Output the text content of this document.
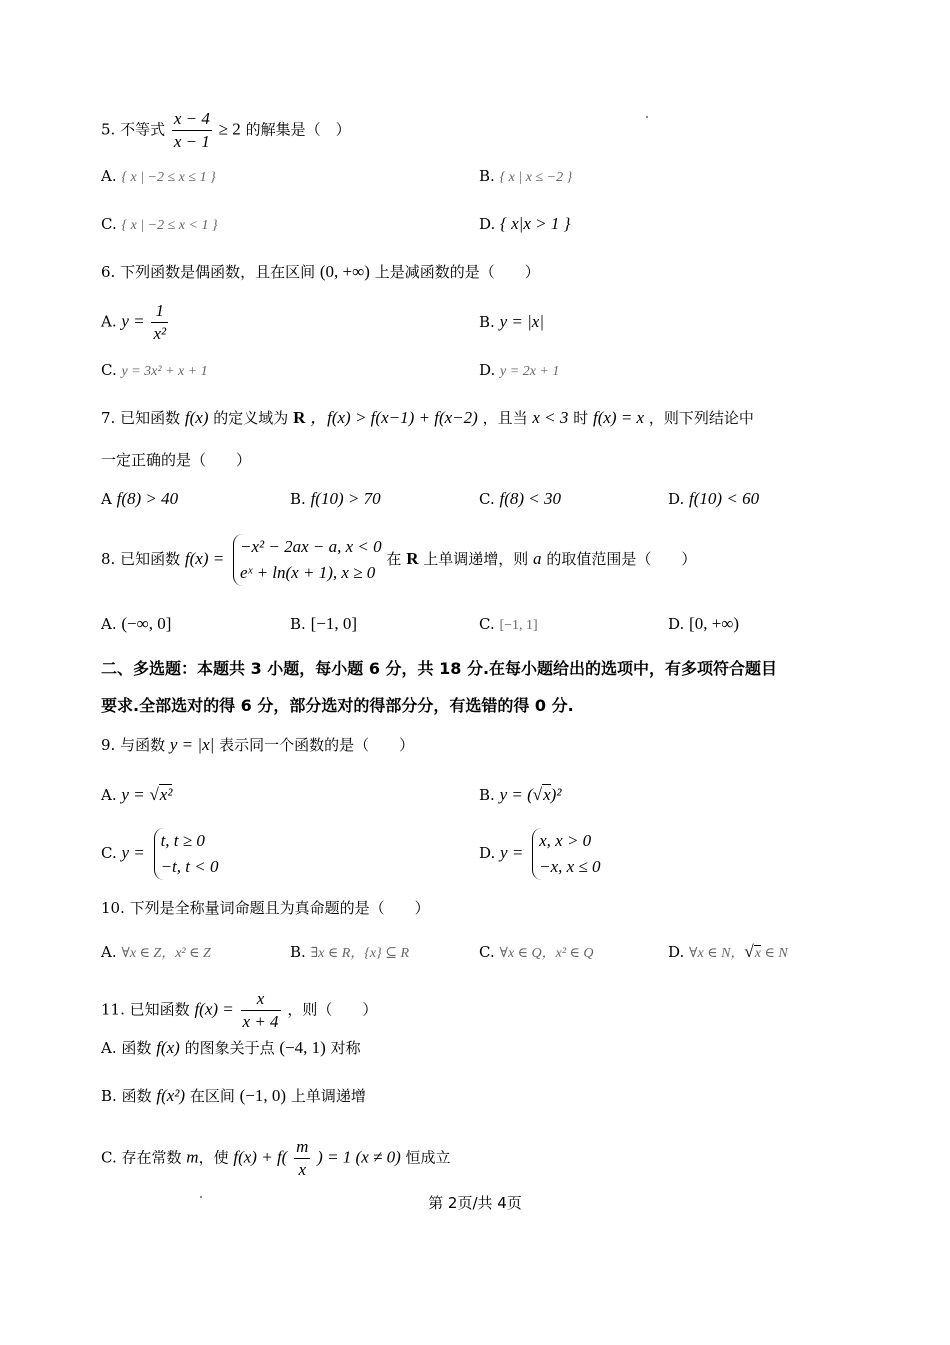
5. 不等式 $\frac{x - 4}{x - 1} \ge 2$ 的解集是（　）
A. { x | −2 ≤ x ≤ 1 }	B. { x | x ≤ −2 }
C. { x | −2 ≤ x < 1 }	D. { x|x > 1 }
6. 下列函数是偶函数，且在区间 (0, +∞) 上是减函数的是（　　）
A. $y = \frac{1}{\text{x²}}$	B. y = |x|
C. y = 3x² + x + 1	D. y = 2x + 1
7. 已知函数 f(x) 的定义域为 R ，f(x) > f(x−1) + f(x−2) ，且当 x < 3 时 f(x) = x ，则下列结论中
一定正确的是（　　）
A f(8) > 40	B. f(10) > 70	C. f(8) < 30	D. f(10) < 60
8. 已知函数 f(x) =
−x² − 2ax − a, x < 0
eˣ + ln(x + 1), x ≥ 0
在 R 上单调递增，则 a 的取值范围是（　　）
A. (−∞, 0]	B. [−1, 0]	C. [−1, 1]	D. [0, +∞)
二、多选题：本题共 3 小题，每小题 6 分，共 18 分.在每小题给出的选项中，有多项符合题目
要求.全部选对的得 6 分，部分选对的得部分分，有选错的得 0 分.
9. 与函数 y = |x| 表示同一个函数的是（　　）
A. y = √x²	B. y = (√x)²
C. y =
t, t ≥ 0
−t, t < 0
D. y =
x, x > 0
−x, x ≤ 0
10. 下列是全称量词命题且为真命题的是（　　）
A. ∀x ∈ Z，x² ∈ Z	B. ∃x ∈ R，{x} ⊆ R	C. ∀x ∈ Q，x² ∈ Q	D. ∀x ∈ N，√x ∈ N
11. 已知函数 $f(x) = \frac{x}{x + 4}$ ，则（　　）
A. 函数 f(x) 的图象关于点 (−4, 1) 对称
B. 函数 f(x²) 在区间 (−1, 0) 上单调递增
C. 存在常数 m，使 $f(x) + f( \frac{m}{x}$ ) = 1 (x ≠ 0) 恒成立
第 2页/共 4页
